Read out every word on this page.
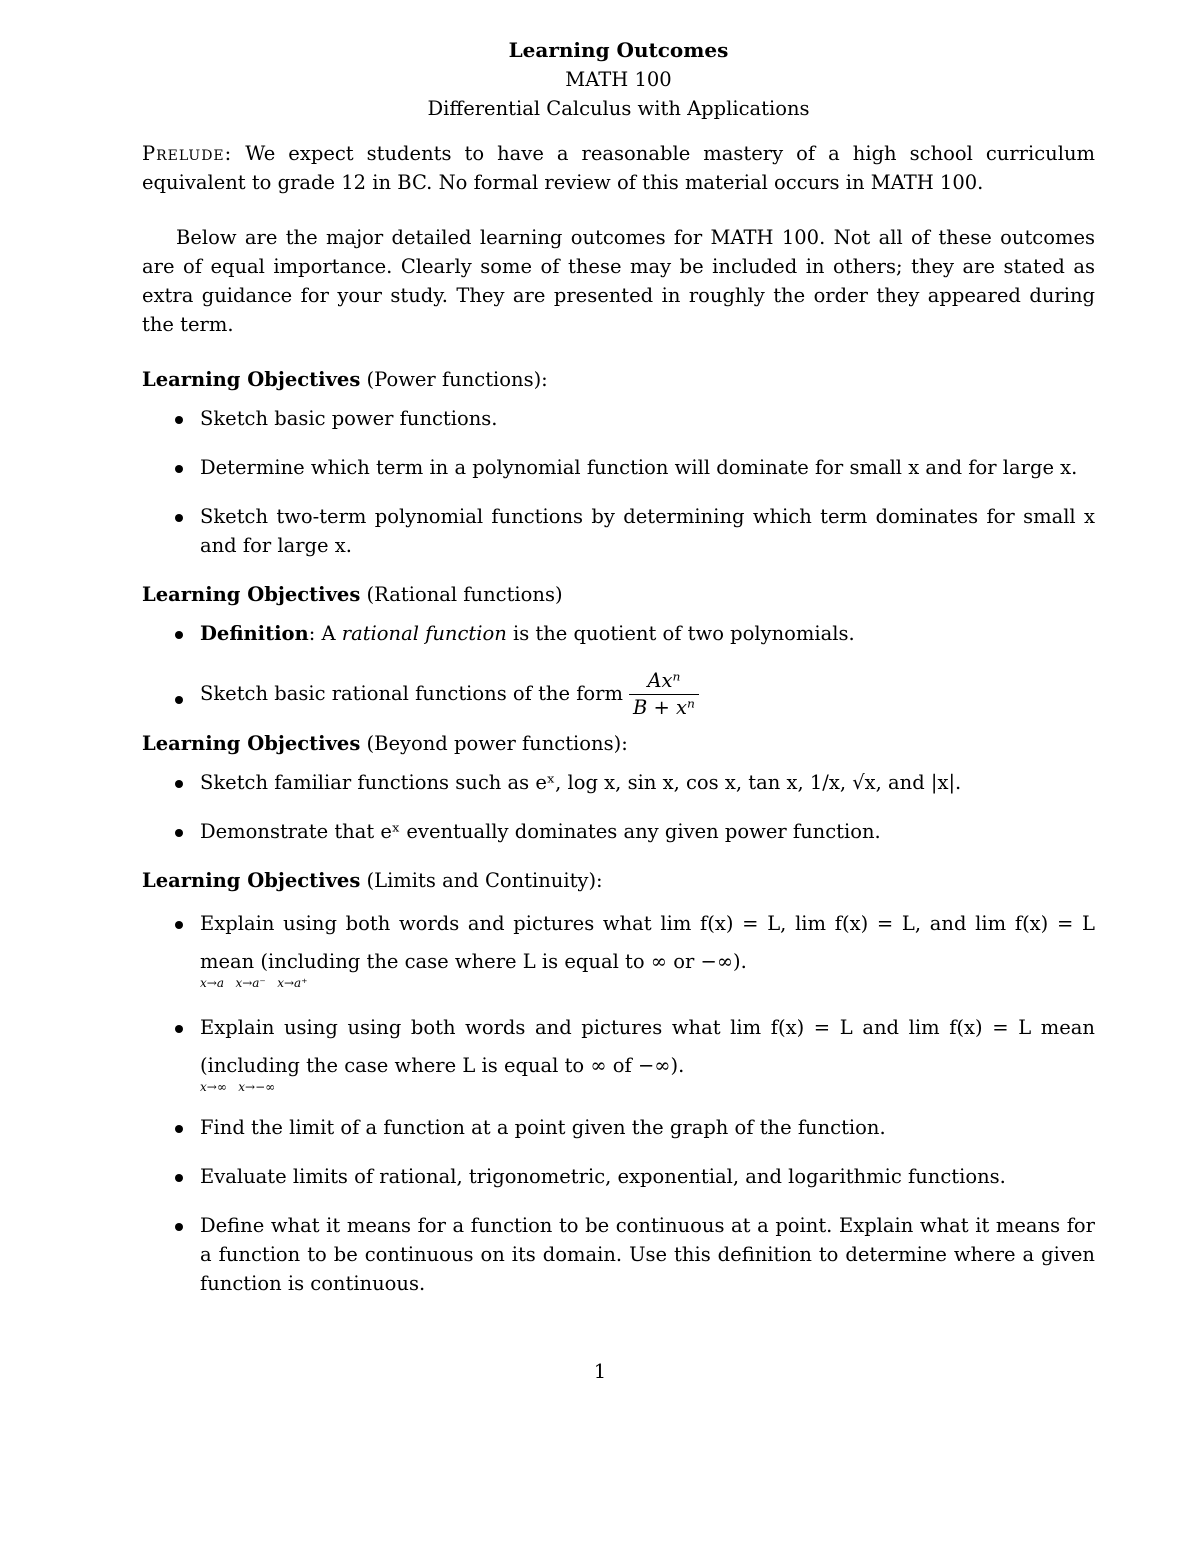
Learning Outcomes
MATH 100
Differential Calculus with Applications

Prelude: We expect students to have a reasonable mastery of a high school curriculum equivalent to grade 12 in BC. No formal review of this material occurs in MATH 100.

Below are the major detailed learning outcomes for MATH 100. Not all of these outcomes are of equal importance. Clearly some of these may be included in others; they are stated as extra guidance for your study. They are presented in roughly the order they appeared during the term.

Learning Objectives (Power functions):
Sketch basic power functions.
Determine which term in a polynomial function will dominate for small x and for large x.
Sketch two-term polynomial functions by determining which term dominates for small x and for large x.
Learning Objectives (Rational functions)
Definition: A rational function is the quotient of two polynomials.
Sketch basic rational functions of the form $\frac{\text{Axⁿ}}{\text{B + xⁿ}}$
Learning Objectives (Beyond power functions):
Sketch familiar functions such as eˣ, log x, sin x, cos x, tan x, 1/x, √x, and |x|.
Demonstrate that eˣ eventually dominates any given power function.
Learning Objectives (Limits and Continuity):
Explain using both words and pictures what lim f(x) = L, lim f(x) = L, and lim f(x) = L mean (including the case where L is equal to ∞ or −∞).
x→a x→a⁻ x→a⁺
Explain using using both words and pictures what lim f(x) = L and lim f(x) = L mean (including the case where L is equal to ∞ of −∞).
x→∞ x→−∞
Find the limit of a function at a point given the graph of the function.
Evaluate limits of rational, trigonometric, exponential, and logarithmic functions.
Define what it means for a function to be continuous at a point. Explain what it means for a function to be continuous on its domain. Use this definition to determine where a given function is continuous.
1
